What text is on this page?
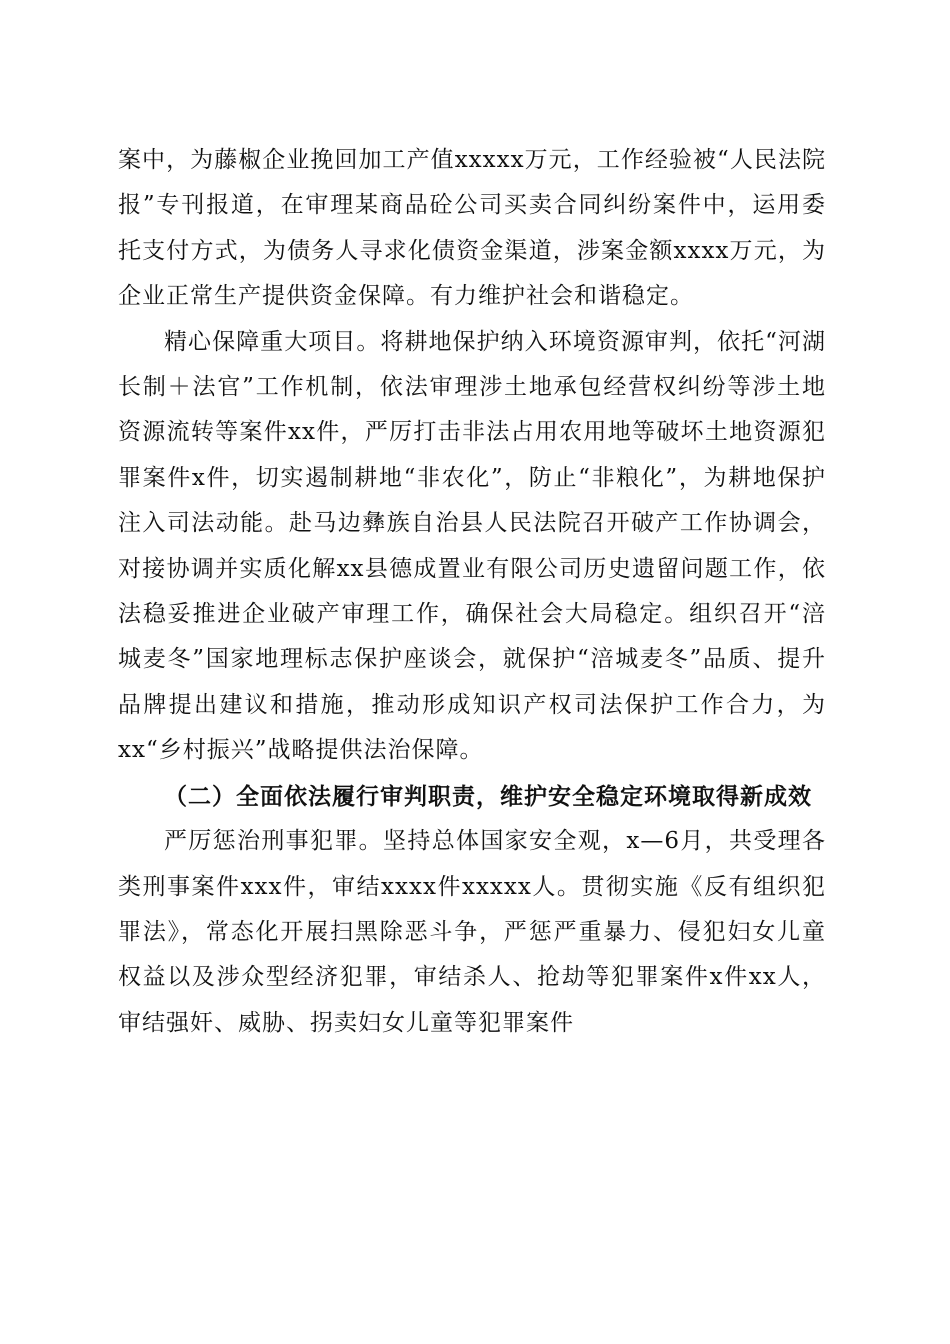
案中，为藤椒企业挽回加工产值xxxxx万元，工作经验被“人民法院报”专刊报道，在审理某商品砼公司买卖合同纠纷案件中，运用委托支付方式，为债务人寻求化债资金渠道，涉案金额xxxx万元，为企业正常生产提供资金保障。有力维护社会和谐稳定。

精心保障重大项目。将耕地保护纳入环境资源审判，依托“河湖长制＋法官”工作机制，依法审理涉土地承包经营权纠纷等涉土地资源流转等案件xx件，严厉打击非法占用农用地等破坏土地资源犯罪案件x件，切实遏制耕地“非农化”，防止“非粮化”，为耕地保护注入司法动能。赴马边彝族自治县人民法院召开破产工作协调会，对接协调并实质化解xx县德成置业有限公司历史遗留问题工作，依法稳妥推进企业破产审理工作，确保社会大局稳定。组织召开“涪城麦冬”国家地理标志保护座谈会，就保护“涪城麦冬”品质、提升品牌提出建议和措施，推动形成知识产权司法保护工作合力，为xx“乡村振兴”战略提供法治保障。

（二）全面依法履行审判职责，维护安全稳定环境取得新成效

严厉惩治刑事犯罪。坚持总体国家安全观，x—6月，共受理各类刑事案件xxx件，审结xxxx件xxxxx人。贯彻实施《反有组织犯罪法》，常态化开展扫黑除恶斗争，严惩严重暴力、侵犯妇女儿童权益以及涉众型经济犯罪，审结杀人、抢劫等犯罪案件x件xx人，审结强奸、威胁、拐卖妇女儿童等犯罪案件
